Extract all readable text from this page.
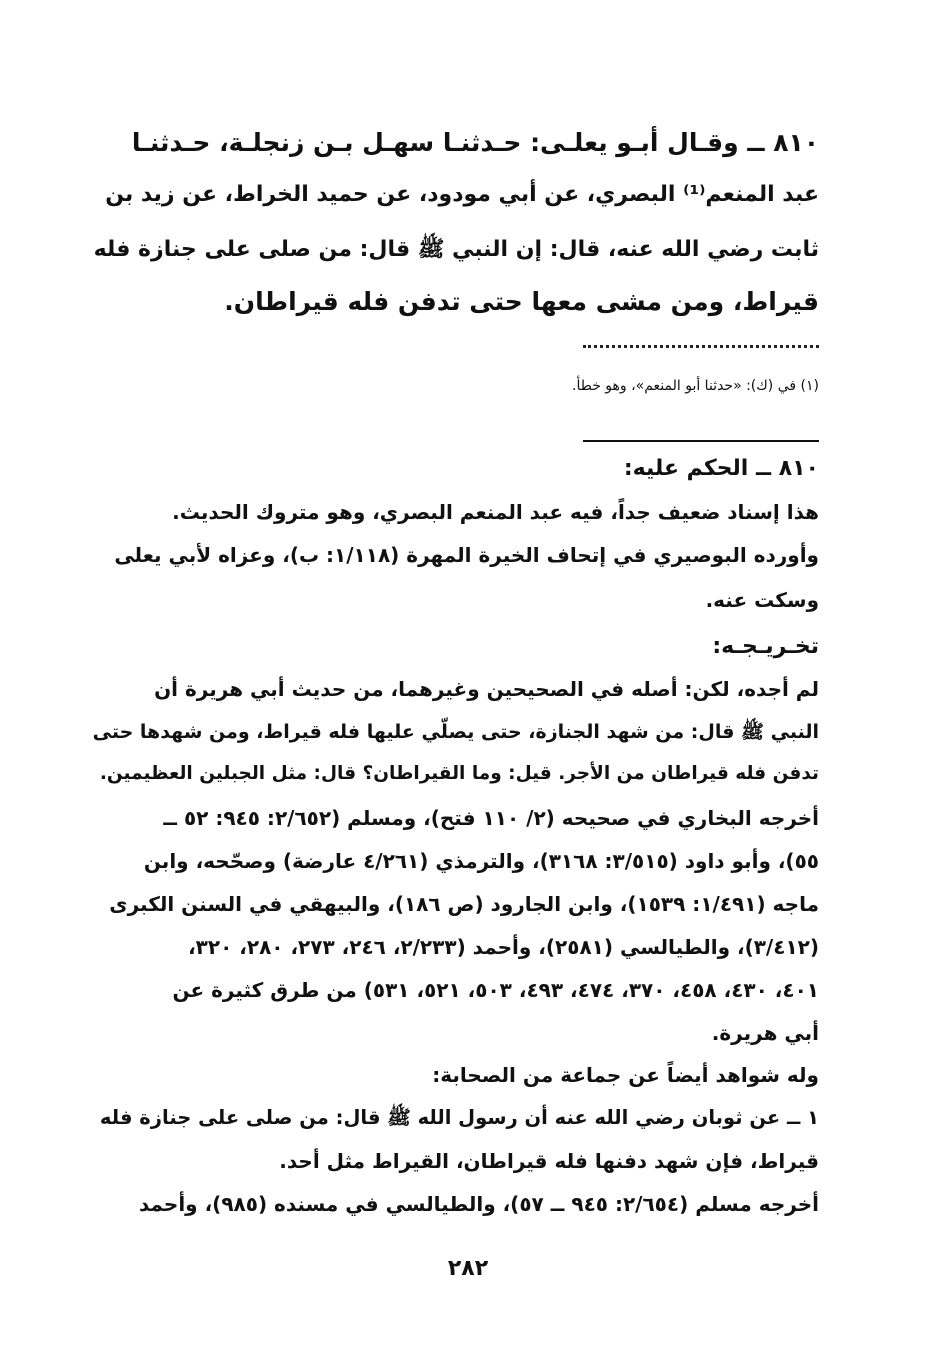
٨١٠ ــ وقـال أبـو يعلـى: حـدثنـا سهـل بـن زنجلـة، حـدثنـا
عبد المنعم⁽¹⁾ البصري، عن أبي مودود، عن حميد الخراط، عن زيد بن
ثابت رضي الله عنه، قال: إن النبي ﷺ قال: من صلى على جنازة فله
قيراط، ومن مشى معها حتى تدفن فله قيراطان.
(١) في (ك): «حدثنا أبو المنعم»، وهو خطأ.
٨١٠ ــ الحكم عليه:
هذا إسناد ضعيف جداً، فيه عبد المنعم البصري، وهو متروك الحديث.
وأورده البوصيري في إتحاف الخيرة المهرة (١/١١٨: ب)، وعزاه لأبي يعلى
وسكت عنه.
تخـريـجـه:
لم أجده، لكن: أصله في الصحيحين وغيرهما، من حديث أبي هريرة أن
النبي ﷺ قال: من شهد الجنازة، حتى يصلّي عليها فله قيراط، ومن شهدها حتى
تدفن فله قيراطان من الأجر. قيل: وما القيراطان؟ قال: مثل الجبلين العظيمين.
أخرجه البخاري في صحيحه (٢/ ١١٠ فتح)، ومسلم (٢/٦٥٢: ٩٤٥: ٥٢ ــ
٥٥)، وأبو داود (٣/٥١٥: ٣١٦٨)، والترمذي (٤/٢٦١ عارضة) وصحّحه، وابن
ماجه (١/٤٩١: ١٥٣٩)، وابن الجارود (ص ١٨٦)، والبيهقي في السنن الكبرى
(٣/٤١٢)، والطيالسي (٢٥٨١)، وأحمد (٢/٢٣٣، ٢٤٦، ٢٧٣، ٢٨٠، ٣٢٠،
٤٠١، ٤٣٠، ٤٥٨، ٣٧٠، ٤٧٤، ٤٩٣، ٥٠٣، ٥٢١، ٥٣١) من طرق كثيرة عن
أبي هريرة.
وله شواهد أيضاً عن جماعة من الصحابة:
١ ــ عن ثوبان رضي الله عنه أن رسول الله ﷺ قال: من صلى على جنازة فله
قيراط، فإن شهد دفنها فله قيراطان، القيراط مثل أحد.
أخرجه مسلم (٢/٦٥٤: ٩٤٥ ــ ٥٧)، والطيالسي في مسنده (٩٨٥)، وأحمد
٢٨٢
